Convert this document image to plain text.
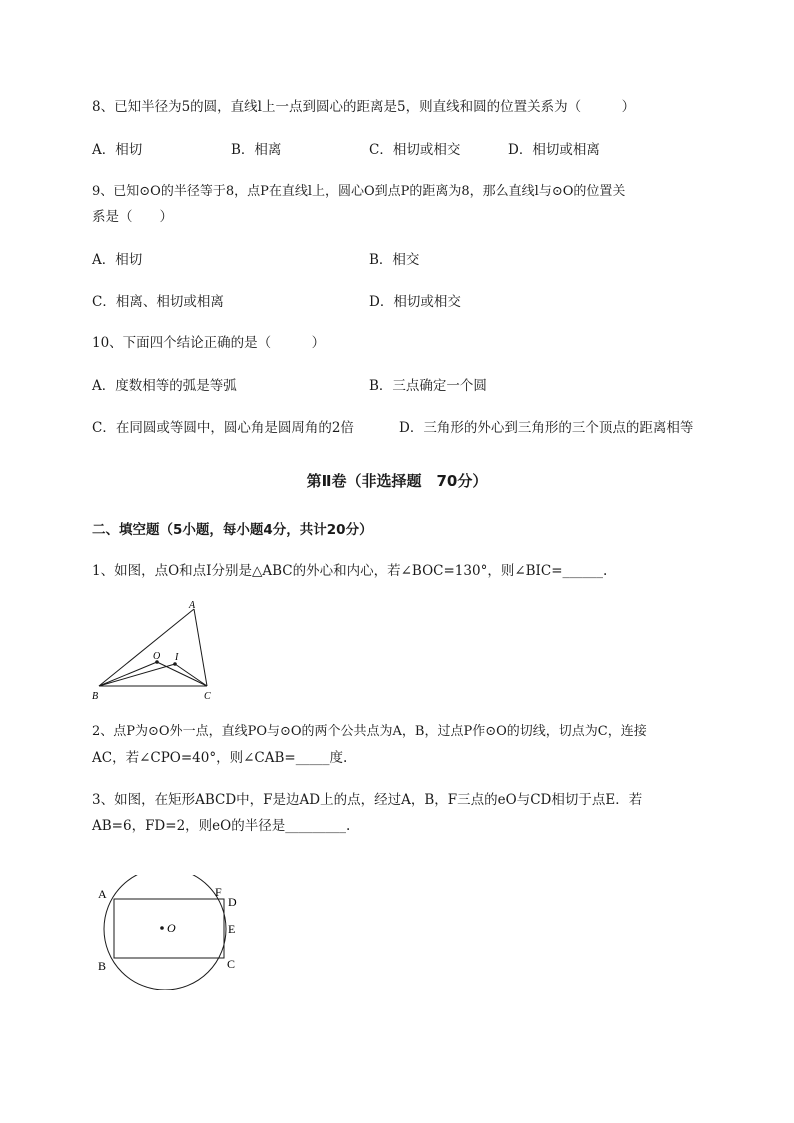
8、已知半径为5的圆，直线l上一点到圆心的距离是5，则直线和圆的位置关系为（　　　）
A．相切	B．相离	C．相切或相交	D．相切或相离
9、已知⊙O的半径等于8，点P在直线l上，圆心O到点P的距离为8，那么直线l与⊙O的位置关
系是（　　）
A．相切	B．相交
C．相离、相切或相离	D．相切或相交
10、下面四个结论正确的是（　　　）
A．度数相等的弧是等弧	B．三点确定一个圆
C．在同圆或等圆中，圆心角是圆周角的2倍	D．三角形的外心到三角形的三个顶点的距离相等
第Ⅱ卷（非选择题　70分）
二、填空题（5小题，每小题4分，共计20分）
1、如图，点O和点I分别是△ABC的外心和内心，若∠BOC=130°，则∠BIC=______.
A
B	C
O I
2、点P为⊙O外一点，直线PO与⊙O的两个公共点为A，B，过点P作⊙O的切线，切点为C，连接
AC，若∠CPO=40°，则∠CAB=_____度.
3、如图，在矩形ABCD中，F是边AD上的点，经过A，B，F三点的eO与CD相切于点E．若
AB=6，FD=2，则eO的半径是_________.
A
B	C
D
E
F
O
